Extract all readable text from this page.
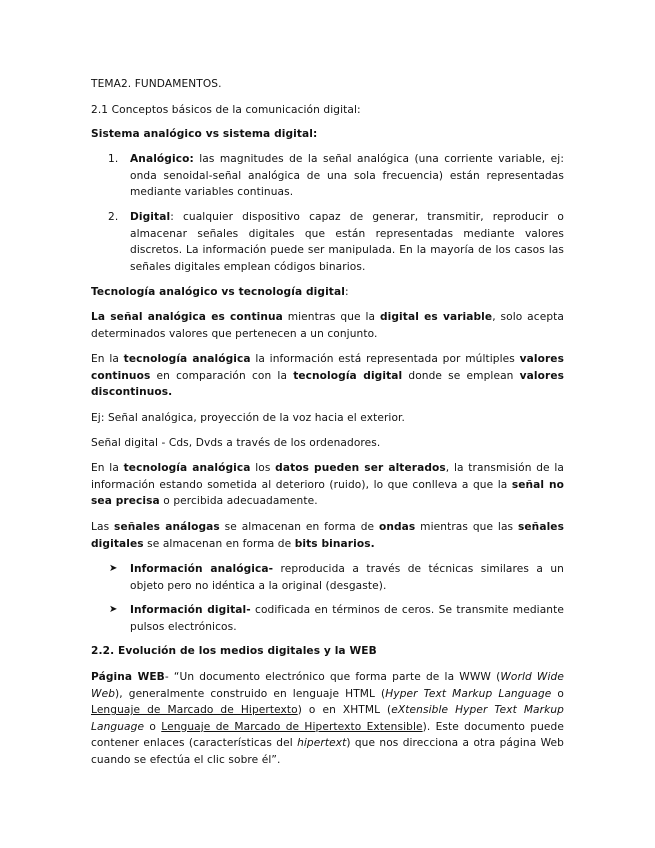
TEMA2. FUNDAMENTOS.

2.1 Conceptos básicos de la comunicación digital:

Sistema analógico vs sistema digital:

1. Analógico: las magnitudes de la señal analógica (una corriente variable, ej: onda senoidal-señal analógica de una sola frecuencia) están representadas mediante variables continuas.

2. Digital: cualquier dispositivo capaz de generar, transmitir, reproducir o almacenar señales digitales que están representadas mediante valores discretos. La información puede ser manipulada. En la mayoría de los casos las señales digitales emplean códigos binarios.

Tecnología analógico vs tecnología digital:

La señal analógica es continua mientras que la digital es variable, solo acepta determinados valores que pertenecen a un conjunto.

En la tecnología analógica la información está representada por múltiples valores continuos en comparación con la tecnología digital donde se emplean valores discontinuos.

Ej: Señal analógica, proyección de la voz hacia el exterior.

Señal digital - Cds, Dvds a través de los ordenadores.

En la tecnología analógica los datos pueden ser alterados, la transmisión de la información estando sometida al deterioro (ruido), lo que conlleva a que la señal no sea precisa o percibida adecuadamente.

Las señales análogas se almacenan en forma de ondas mientras que las señales digitales se almacenan en forma de bits binarios.

➤ Información analógica- reproducida a través de técnicas similares a un objeto pero no idéntica a la original (desgaste).

➤ Información digital- codificada en términos de ceros. Se transmite mediante pulsos electrónicos.

2.2. Evolución de los medios digitales y la WEB

Página WEB- “Un documento electrónico que forma parte de la WWW (World Wide Web), generalmente construido en lenguaje HTML (Hyper Text Markup Language o Lenguaje de Marcado de Hipertexto) o en XHTML (eXtensible Hyper Text Markup Language o Lenguaje de Marcado de Hipertexto Extensible). Este documento puede contener enlaces (características del hipertext) que nos direcciona a otra página Web cuando se efectúa el clic sobre él”.
